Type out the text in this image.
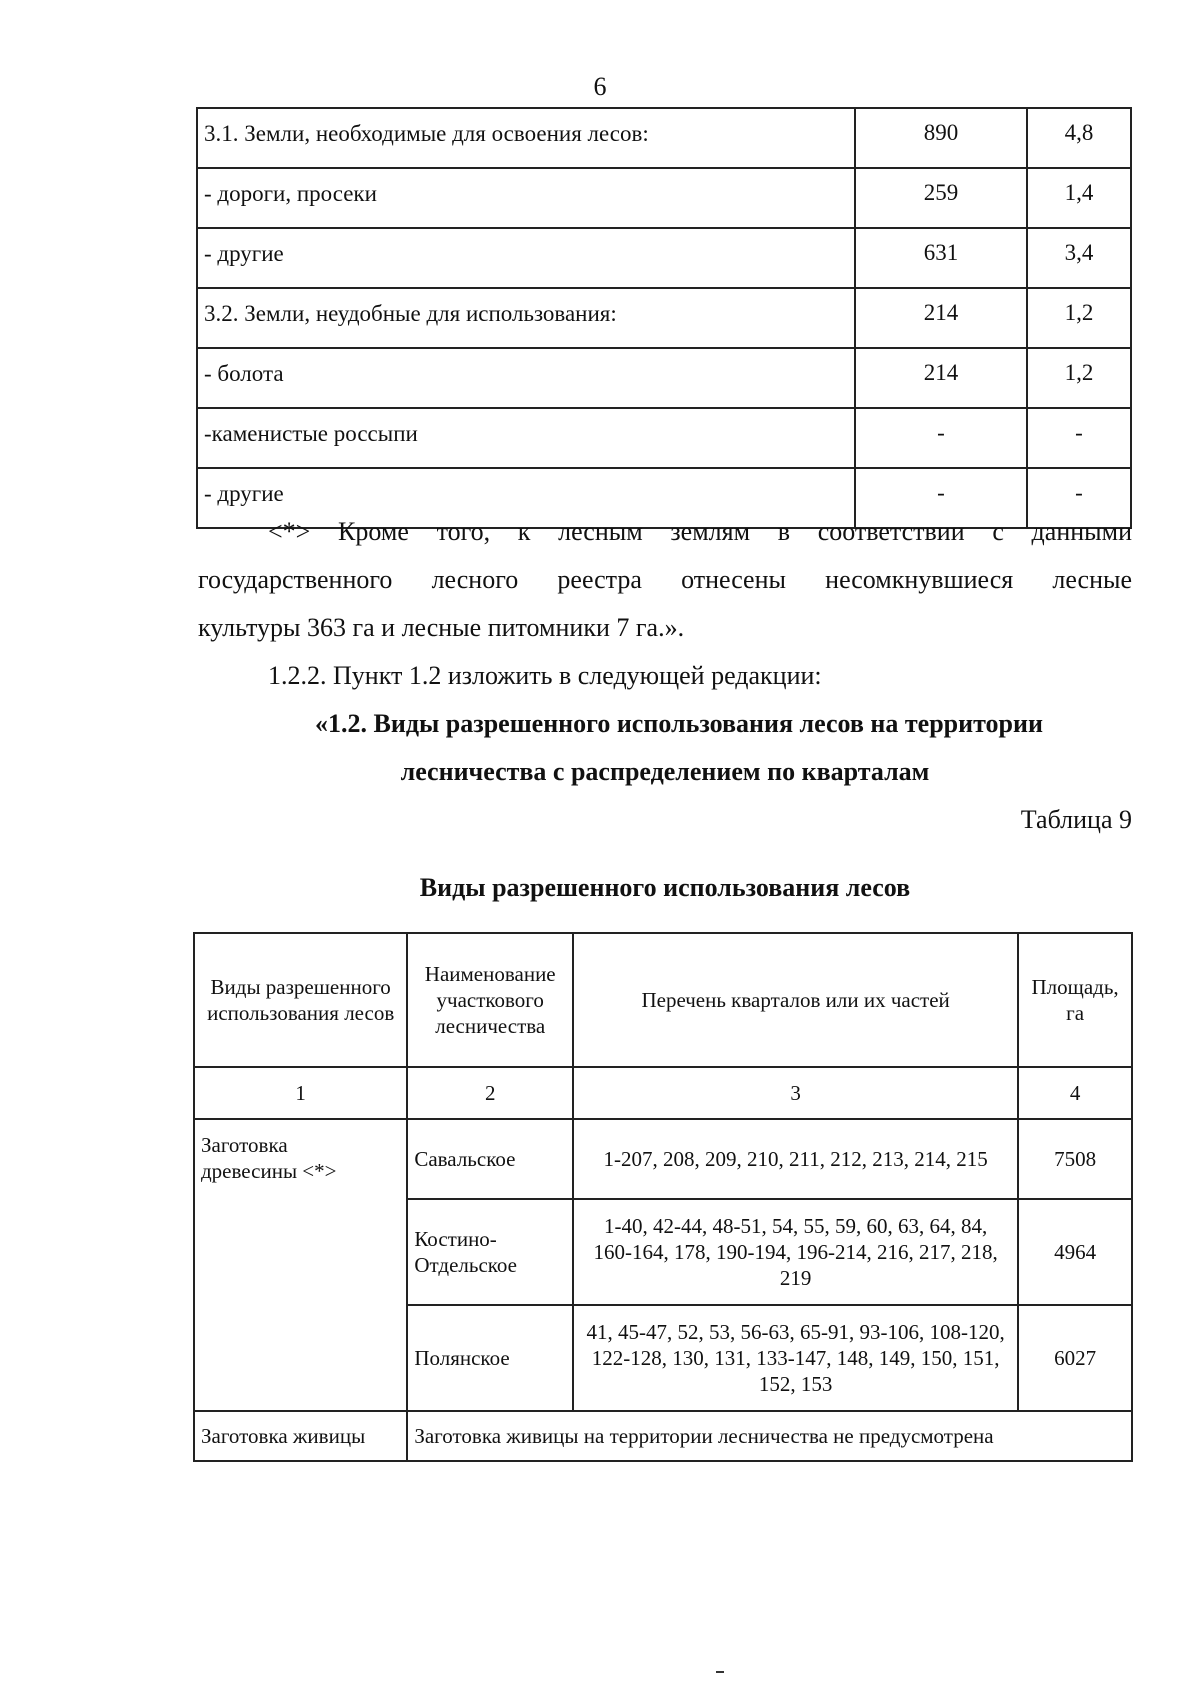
6
3.1. Земли, необходимые для освоения лесов:	890	4,8
- дороги, просеки	259	1,4
- другие	631	3,4
3.2. Земли, неудобные для использования:	214	1,2
- болота	214	1,2
-каменистые россыпи	-	-
- другие	-	-
<*> Кроме того, к лесным землям в соответствии с данными
государственного лесного реестра отнесены несомкнувшиеся лесные
культуры 363 га и лесные питомники 7 га.».
1.2.2. Пункт 1.2 изложить в следующей редакции:
«1.2. Виды разрешенного использования лесов на территории
лесничества с распределением по кварталам
Таблица 9
Виды разрешенного использования лесов
Виды разрешенного использования лесов	Наименование участкового лесничества	Перечень кварталов или их частей	Площадь, га
1	2	3	4
Заготовка древесины <*>	Савальское	1-207, 208, 209, 210, 211, 212, 213, 214, 215	7508
	Костино-Отдельское	1-40, 42-44, 48-51, 54, 55, 59, 60, 63, 64, 84, 160-164, 178, 190-194, 196-214, 216, 217, 218, 219	4964
	Полянское	41, 45-47, 52, 53, 56-63, 65-91, 93-106, 108-120, 122-128, 130, 131, 133-147, 148, 149, 150, 151, 152, 153	6027
Заготовка живицы	Заготовка живицы на территории лесничества не предусмотрена		
